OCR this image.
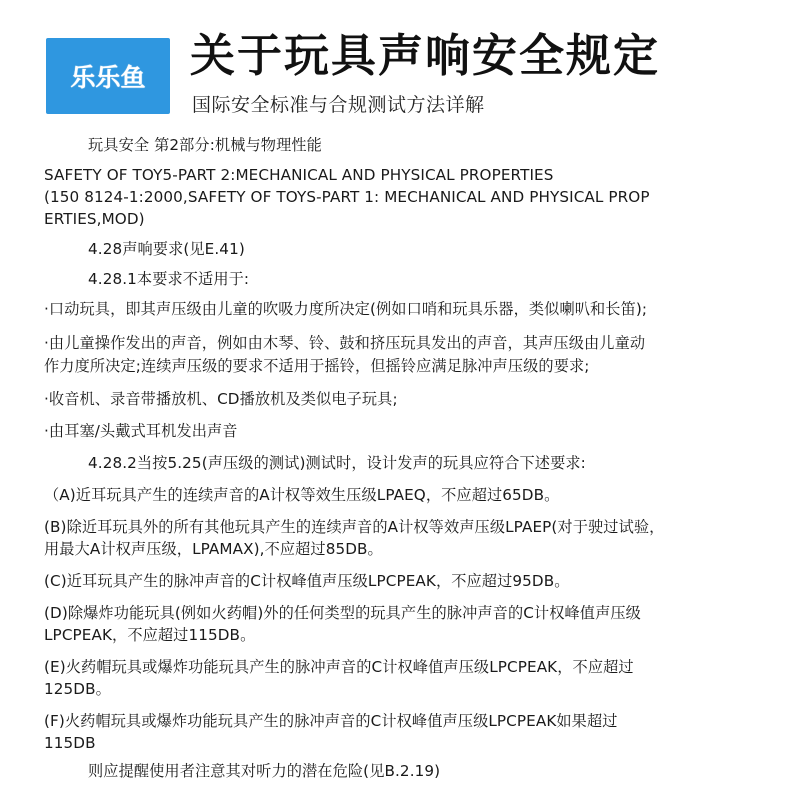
乐乐鱼 关于玩具声响安全规定
国际安全标准与合规测试方法详解
玩具安全 第2部分:机械与物理性能
SAFETY OF TOY5-PART 2:MECHANICAL AND PHYSICAL PROPERTIES
(150 8124-1:2000,SAFETY OF TOYS-PART 1: MECHANICAL AND PHYSICAL PROP
ERTIES,MOD)
4.28声响要求(见E.41)
4.28.1本要求不适用于:
·口动玩具，即其声压级由儿童的吹吸力度所决定(例如口哨和玩具乐器，类似喇叭和长笛);
·由儿童操作发出的声音，例如由木琴、铃、鼓和挤压玩具发出的声音，其声压级由儿童动
作力度所决定;连续声压级的要求不适用于摇铃，但摇铃应满足脉冲声压级的要求;
·收音机、录音带播放机、CD播放机及类似电子玩具;
·由耳塞/头戴式耳机发出声音
4.28.2当按5.25(声压级的测试)测试时，设计发声的玩具应符合下述要求:
（A)近耳玩具产生的连续声音的A计权等效生压级LPAEQ，不应超过65DB。
(B)除近耳玩具外的所有其他玩具产生的连续声音的A计权等效声压级LPAEP(对于驶过试验，
用最大A计权声压级，LPAMAX),不应超过85DB。
(C)近耳玩具产生的脉冲声音的C计权峰值声压级LPCPEAK，不应超过95DB。
(D)除爆炸功能玩具(例如火药帽)外的任何类型的玩具产生的脉冲声音的C计权峰值声压级
LPCPEAK，不应超过115DB。
(E)火药帽玩具或爆炸功能玩具产生的脉冲声音的C计权峰值声压级LPCPEAK，不应超过
125DB。
(F)火药帽玩具或爆炸功能玩具产生的脉冲声音的C计权峰值声压级LPCPEAK如果超过
115DB
则应提醒使用者注意其对听力的潜在危险(见B.2.19)
